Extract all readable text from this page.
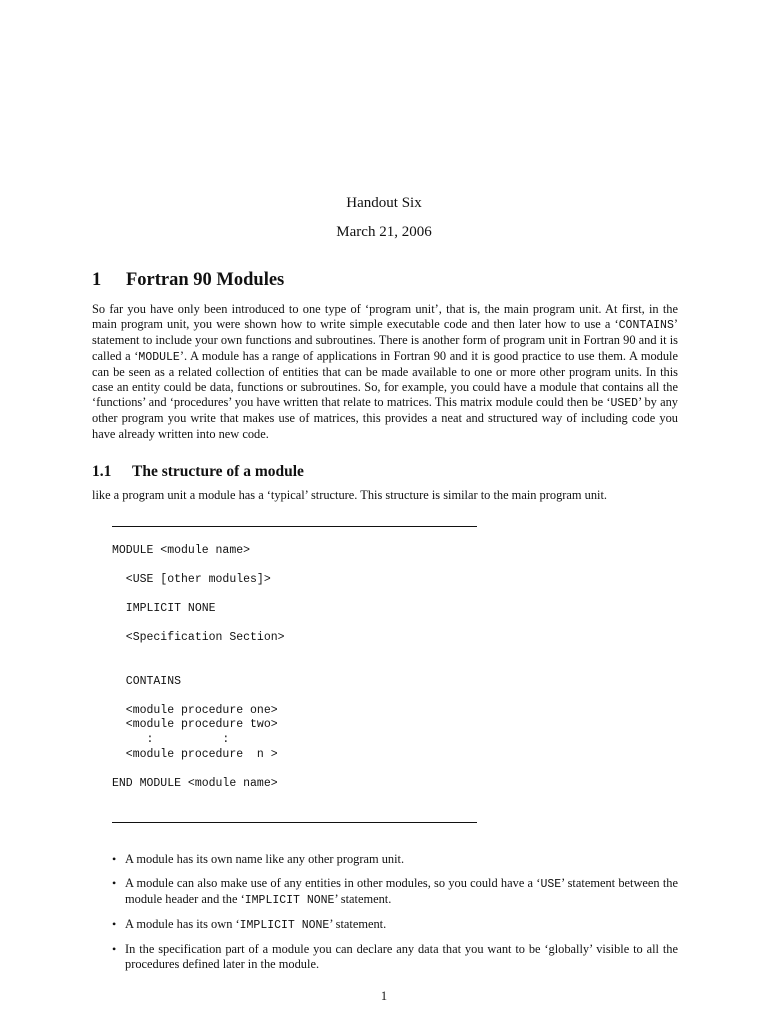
Handout Six
March 21, 2006
1 Fortran 90 Modules
So far you have only been introduced to one type of ‘program unit’, that is, the main program unit. At first, in the main program unit, you were shown how to write simple executable code and then later how to use a ‘CONTAINS’ statement to include your own functions and subroutines. There is another form of program unit in Fortran 90 and it is called a ‘MODULE’. A module has a range of applications in Fortran 90 and it is good practice to use them. A module can be seen as a related collection of entities that can be made available to one or more other program units. In this case an entity could be data, functions or subroutines. So, for example, you could have a module that contains all the ‘functions’ and ‘procedures’ you have written that relate to matrices. This matrix module could then be ‘USED’ by any other program you write that makes use of matrices, this provides a neat and structured way of including code you have already written into new code.
1.1 The structure of a module
like a program unit a module has a ‘typical’ structure. This structure is similar to the main program unit.
MODULE <module name>
<USE [other modules]>
IMPLICIT NONE
<Specification Section>
CONTAINS
<module procedure one>
<module procedure two>
:          :
<module procedure  n >
END MODULE <module name>
• A module has its own name like any other program unit.
• A module can also make use of any entities in other modules, so you could have a ‘USE’ statement between the module header and the ‘IMPLICIT NONE’ statement.
• A module has its own ‘IMPLICIT NONE’ statement.
• In the specification part of a module you can declare any data that you want to be ‘globally’ visible to all the procedures defined later in the module.
1
